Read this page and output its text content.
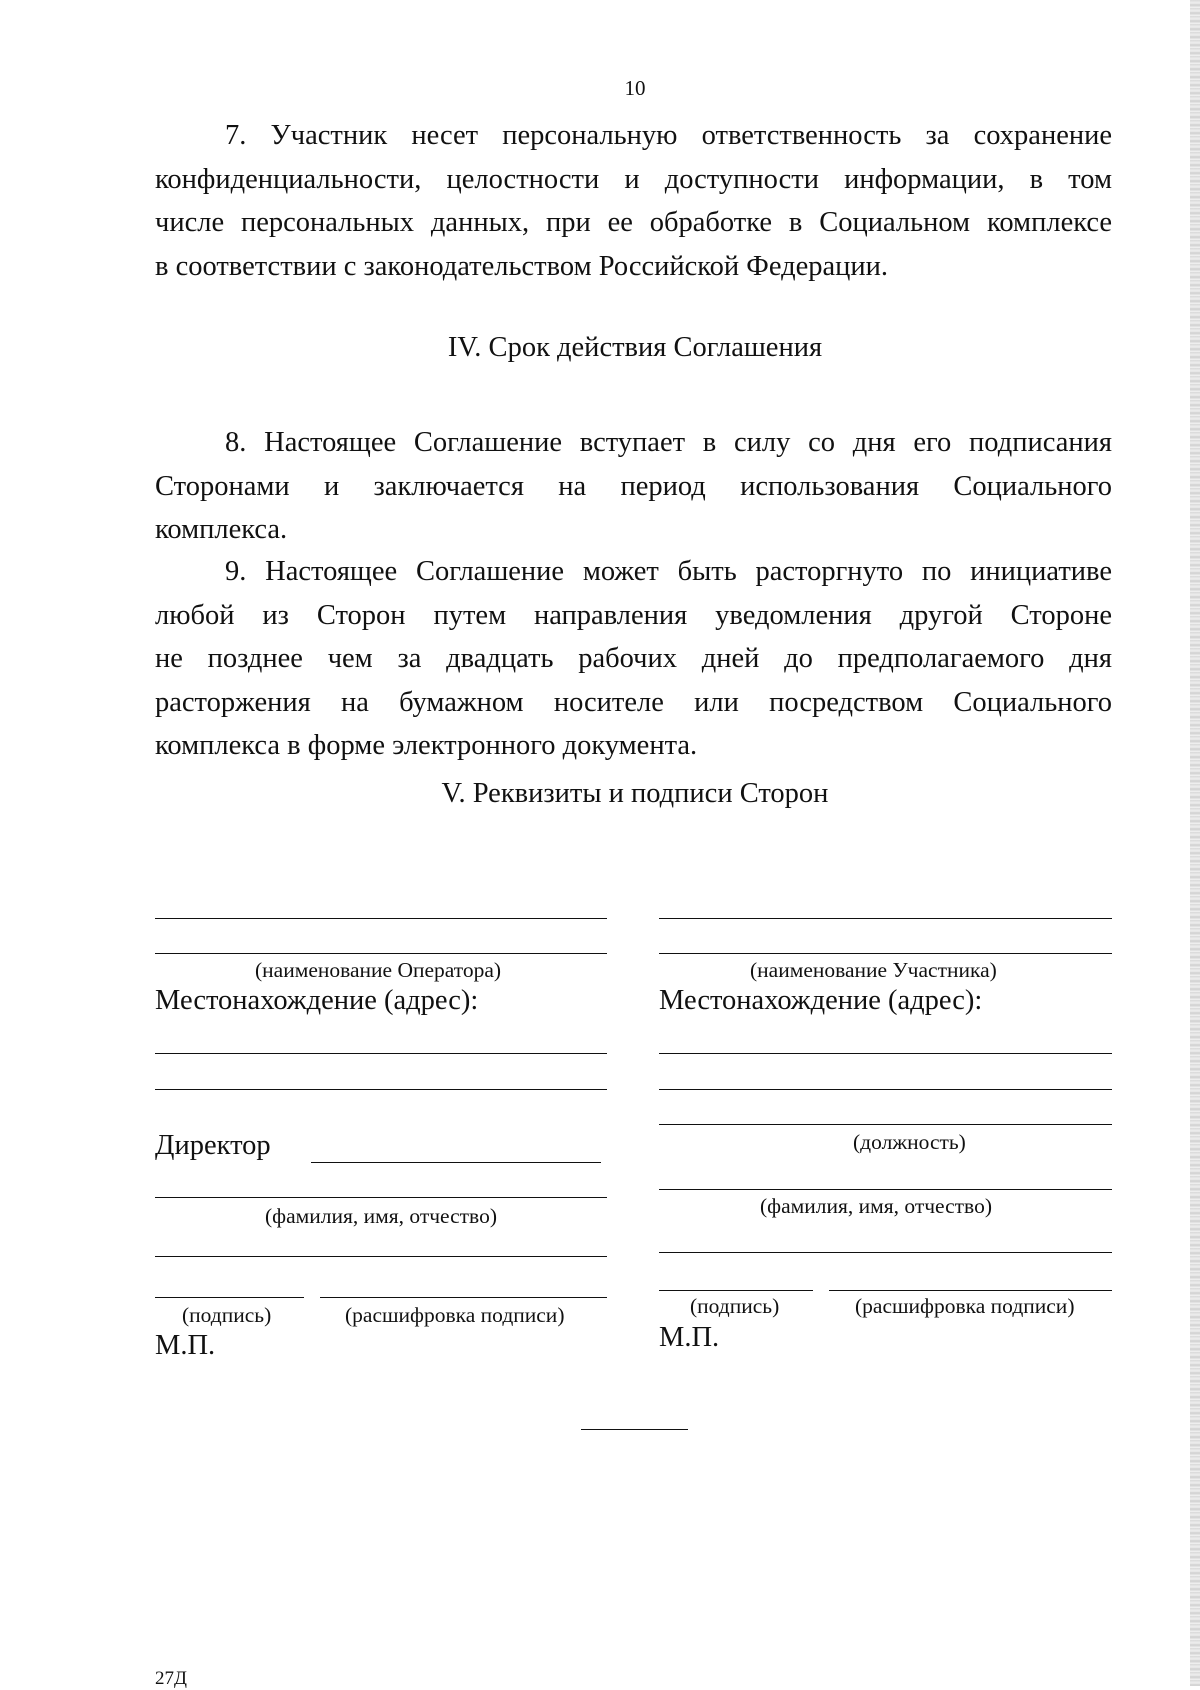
10
7. Участник несет персональную ответственность за сохранение
конфиденциальности, целостности и доступности информации, в том
числе персональных данных, при ее обработке в Социальном комплексе
в соответствии с законодательством Российской Федерации.
IV. Срок действия Соглашения
8. Настоящее Соглашение вступает в силу со дня его подписания
Сторонами и заключается на период использования Социального
комплекса.
9. Настоящее Соглашение может быть расторгнуто по инициативе
любой из Сторон путем направления уведомления другой Стороне
не позднее чем за двадцать рабочих дней до предполагаемого дня
расторжения на бумажном носителе или посредством Социального
комплекса в форме электронного документа.
V. Реквизиты и подписи Сторон
(наименование Оператора)
Местонахождение (адрес):
Директор
(фамилия, имя, отчество)
(подпись)	(расшифровка подписи)
М.П.
(наименование Участника)
Местонахождение (адрес):
(должность)
(фамилия, имя, отчество)
(подпись)	(расшифровка подписи)
М.П.
27Д
